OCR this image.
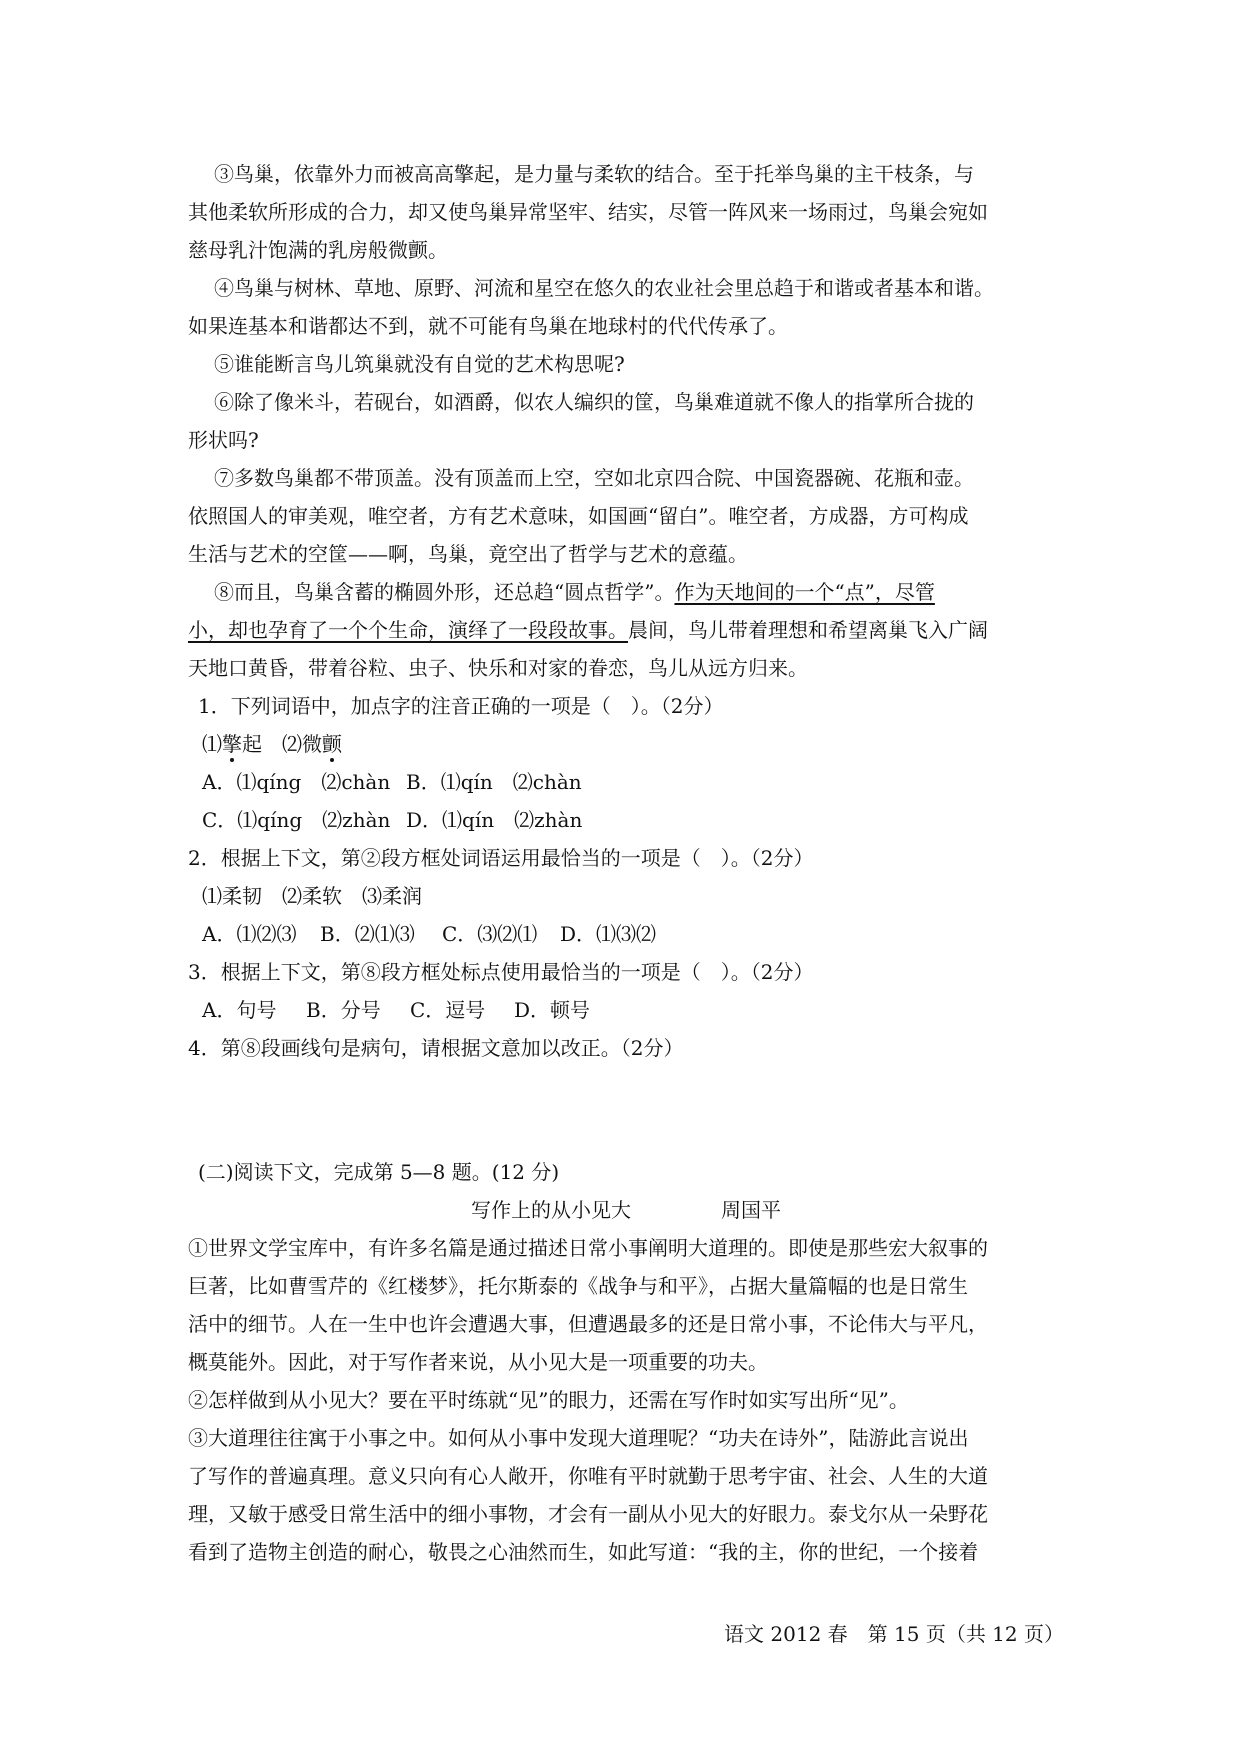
③鸟巢，依靠外力而被高高擎起，是力量与柔软的结合。至于托举鸟巢的主干枝条，与
其他柔软所形成的合力，却又使鸟巢异常坚牢、结实，尽管一阵风来一场雨过，鸟巢会宛如
慈母乳汁饱满的乳房般微颤。
④鸟巢与树林、草地、原野、河流和星空在悠久的农业社会里总趋于和谐或者基本和谐。
如果连基本和谐都达不到，就不可能有鸟巢在地球村的代代传承了。
⑤谁能断言鸟儿筑巢就没有自觉的艺术构思呢?
⑥除了像米斗，若砚台，如酒爵，似农人编织的筐，鸟巢难道就不像人的指掌所合拢的
形状吗?
⑦多数鸟巢都不带顶盖。没有顶盖而上空，空如北京四合院、中国瓷器碗、花瓶和壶。
依照国人的审美观，唯空者，方有艺术意味，如国画“留白”。唯空者，方成器，方可构成
生活与艺术的空筐——啊，鸟巢，竟空出了哲学与艺术的意蕴。
⑧而且，鸟巢含蓄的椭圆外形，还总趋“圆点哲学”。作为天地间的一个“点”，尽管
小，却也孕育了一个个生命，演绎了一段段故事。晨间，鸟儿带着理想和希望离巢飞入广阔
天地口黄昏，带着谷粒、虫子、快乐和对家的眷恋，鸟儿从远方归来。
1．下列词语中，加点字的注音正确的一项是（　）。（2分）
⑴擎起　 ⑵微颤
A．⑴qíng　⑵chàn B．⑴qín　⑵chàn
C．⑴qíng　⑵zhàn D．⑴qín　⑵zhàn
2．根据上下文，第②段方框处词语运用最恰当的一项是（　）。（2分）
⑴柔韧　⑵柔软　⑶柔润
A．⑴⑵⑶ B．⑵⑴⑶ C．⑶⑵⑴ D．⑴⑶⑵
3．根据上下文，第⑧段方框处标点使用最恰当的一项是（　）。（2分）
A．句号 B．分号 C．逗号 D．顿号
4．第⑧段画线句是病句，请根据文意加以改正。（2分）
(二)阅读下文，完成第 5—8 题。(12 分)
写作上的从小见大	周国平
①世界文学宝库中，有许多名篇是通过描述日常小事阐明大道理的。即使是那些宏大叙事的
巨著，比如曹雪芹的《红楼梦》，托尔斯泰的《战争与和平》，占据大量篇幅的也是日常生
活中的细节。人在一生中也许会遭遇大事，但遭遇最多的还是日常小事，不论伟大与平凡，
概莫能外。因此，对于写作者来说，从小见大是一项重要的功夫。
②怎样做到从小见大？要在平时练就“见”的眼力，还需在写作时如实写出所“见”。
③大道理往往寓于小事之中。如何从小事中发现大道理呢？“功夫在诗外”，陆游此言说出
了写作的普遍真理。意义只向有心人敞开，你唯有平时就勤于思考宇宙、社会、人生的大道
理，又敏于感受日常生活中的细小事物，才会有一副从小见大的好眼力。泰戈尔从一朵野花
看到了造物主创造的耐心，敬畏之心油然而生，如此写道：“我的主，你的世纪，一个接着
语文 2012 春　第 15 页（共 12 页）
